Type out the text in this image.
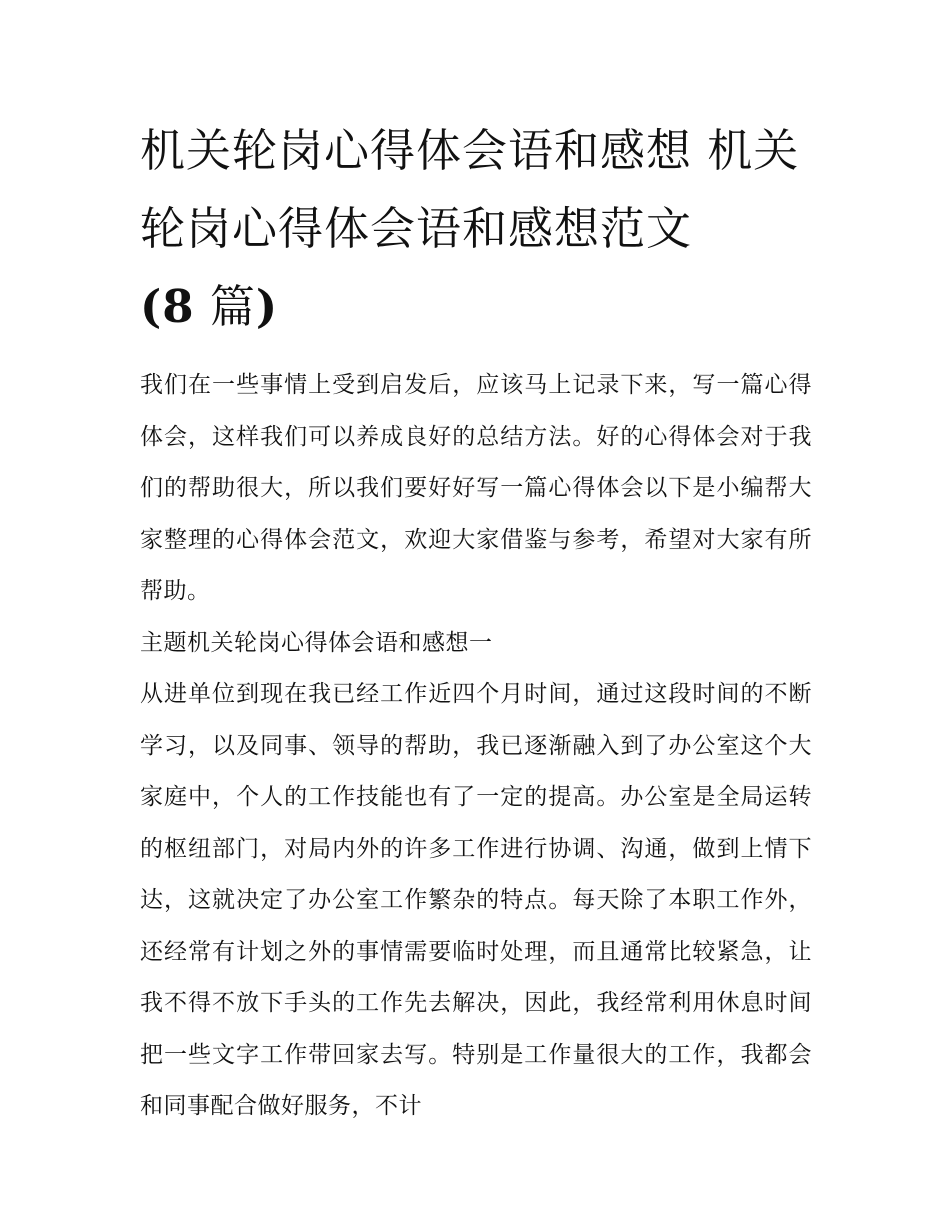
机关轮岗心得体会语和感想 机关轮岗心得体会语和感想范文
(8 篇)

我们在一些事情上受到启发后，应该马上记录下来，写一篇心得体会，这样我们可以养成良好的总结方法。好的心得体会对于我们的帮助很大，所以我们要好好写一篇心得体会以下是小编帮大家整理的心得体会范文，欢迎大家借鉴与参考，希望对大家有所帮助。

主题机关轮岗心得体会语和感想一

从进单位到现在我已经工作近四个月时间，通过这段时间的不断学习，以及同事、领导的帮助，我已逐渐融入到了办公室这个大家庭中，个人的工作技能也有了一定的提高。办公室是全局运转的枢纽部门，对局内外的许多工作进行协调、沟通，做到上情下达，这就决定了办公室工作繁杂的特点。每天除了本职工作外，还经常有计划之外的事情需要临时处理，而且通常比较紧急，让我不得不放下手头的工作先去解决，因此，我经常利用休息时间把一些文字工作带回家去写。特别是工作量很大的工作，我都会和同事配合做好服务，不计
